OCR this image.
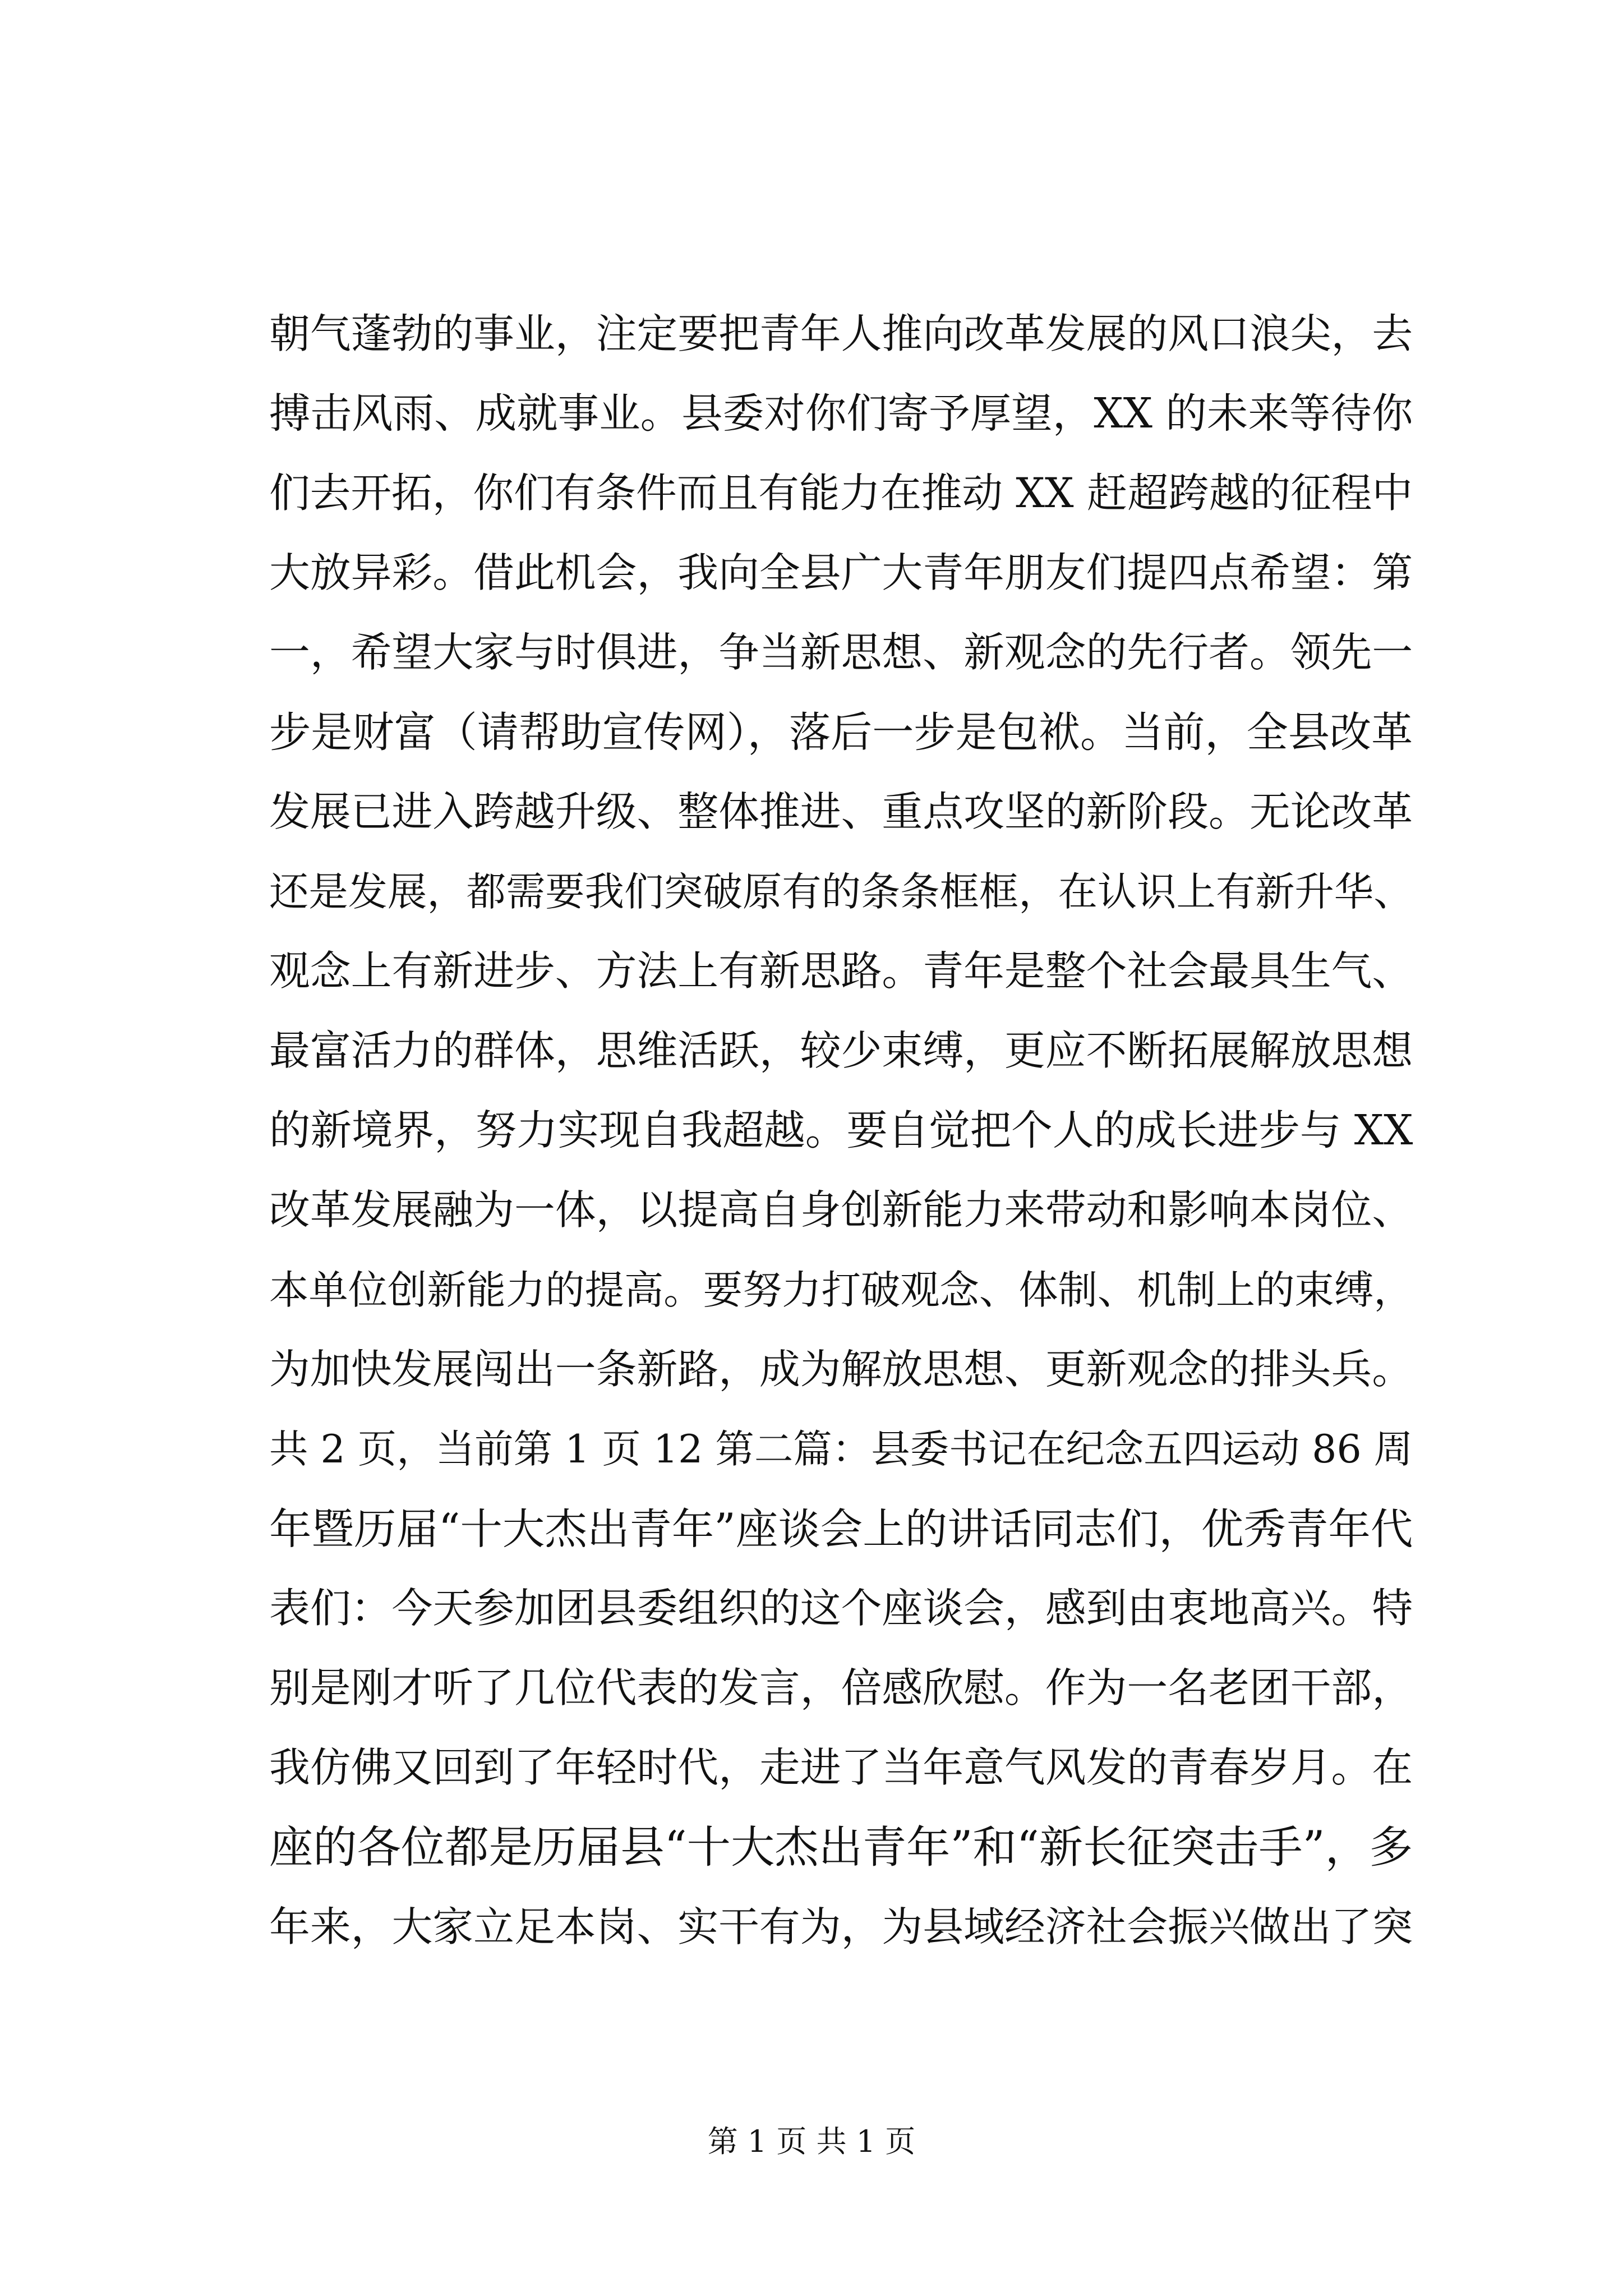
朝气蓬勃的事业，注定要把青年人推向改革发展的风口浪尖，去
搏击风雨、成就事业。县委对你们寄予厚望，XX 的未来等待你
们去开拓，你们有条件而且有能力在推动 XX 赶超跨越的征程中
大放异彩。借此机会，我向全县广大青年朋友们提四点希望：第
一，希望大家与时俱进，争当新思想、新观念的先行者。领先一
步是财富（请帮助宣传网），落后一步是包袱。当前，全县改革
发展已进入跨越升级、整体推进、重点攻坚的新阶段。无论改革
还是发展，都需要我们突破原有的条条框框，在认识上有新升华、
观念上有新进步、方法上有新思路。青年是整个社会最具生气、
最富活力的群体，思维活跃，较少束缚，更应不断拓展解放思想
的新境界，努力实现自我超越。要自觉把个人的成长进步与 XX
改革发展融为一体，以提高自身创新能力来带动和影响本岗位、
本单位创新能力的提高。要努力打破观念、体制、机制上的束缚，
为加快发展闯出一条新路，成为解放思想、更新观念的排头兵。
共 2 页，当前第 1 页 12 第二篇：县委书记在纪念五四运动 86 周
年暨历届“十大杰出青年”座谈会上的讲话同志们，优秀青年代
表们：今天参加团县委组织的这个座谈会，感到由衷地高兴。特
别是刚才听了几位代表的发言，倍感欣慰。作为一名老团干部，
我仿佛又回到了年轻时代，走进了当年意气风发的青春岁月。在
座的各位都是历届县“十大杰出青年”和“新长征突击手”，多
年来，大家立足本岗、实干有为，为县域经济社会振兴做出了突
第 1 页 共 1 页
